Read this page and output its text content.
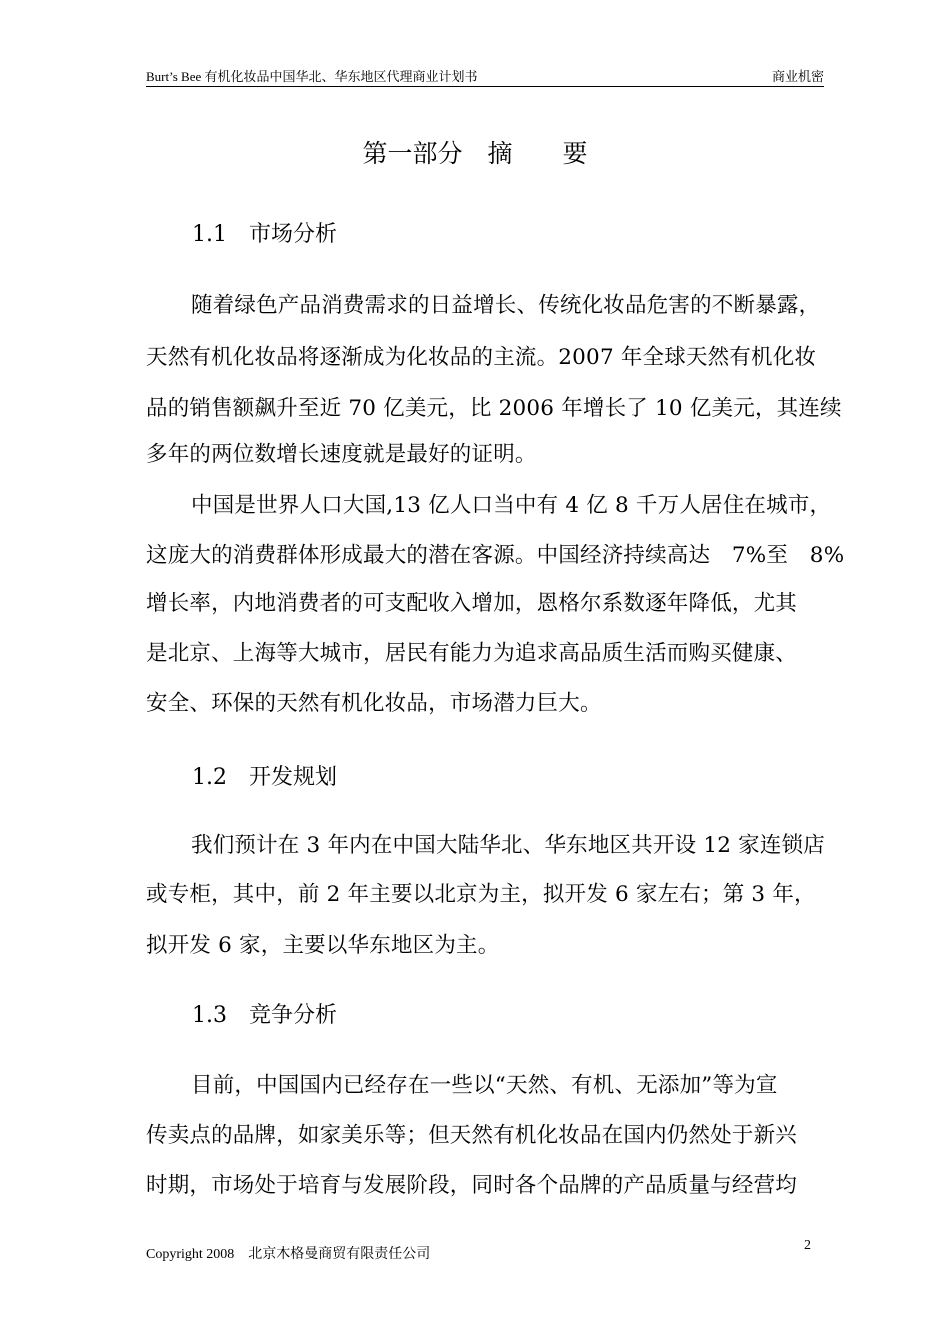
Burt’s Bee 有机化妆品中国华北、华东地区代理商业计划书	商业机密
第一部分　摘　　要
1.1　市场分析
随着绿色产品消费需求的日益增长、传统化妆品危害的不断暴露，
天然有机化妆品将逐渐成为化妆品的主流。2007 年全球天然有机化妆
品的销售额飙升至近 70 亿美元，比 2006 年增长了 10 亿美元，其连续
多年的两位数增长速度就是最好的证明。
中国是世界人口大国,13 亿人口当中有 4 亿 8 千万人居住在城市，
这庞大的消费群体形成最大的潜在客源。中国经济持续高达　7%至　8%
增长率，内地消费者的可支配收入增加，恩格尔系数逐年降低，尤其
是北京、上海等大城市，居民有能力为追求高品质生活而购买健康、
安全、环保的天然有机化妆品，市场潜力巨大。
1.2　开发规划
我们预计在 3 年内在中国大陆华北、华东地区共开设 12 家连锁店
或专柜，其中，前 2 年主要以北京为主，拟开发 6 家左右；第 3 年，
拟开发 6 家，主要以华东地区为主。
1.3　竞争分析
目前，中国国内已经存在一些以“天然、有机、无添加”等为宣
传卖点的品牌，如家美乐等；但天然有机化妆品在国内仍然处于新兴
时期，市场处于培育与发展阶段，同时各个品牌的产品质量与经营均
Copyright 2008　北京木格曼商贸有限责任公司
2
